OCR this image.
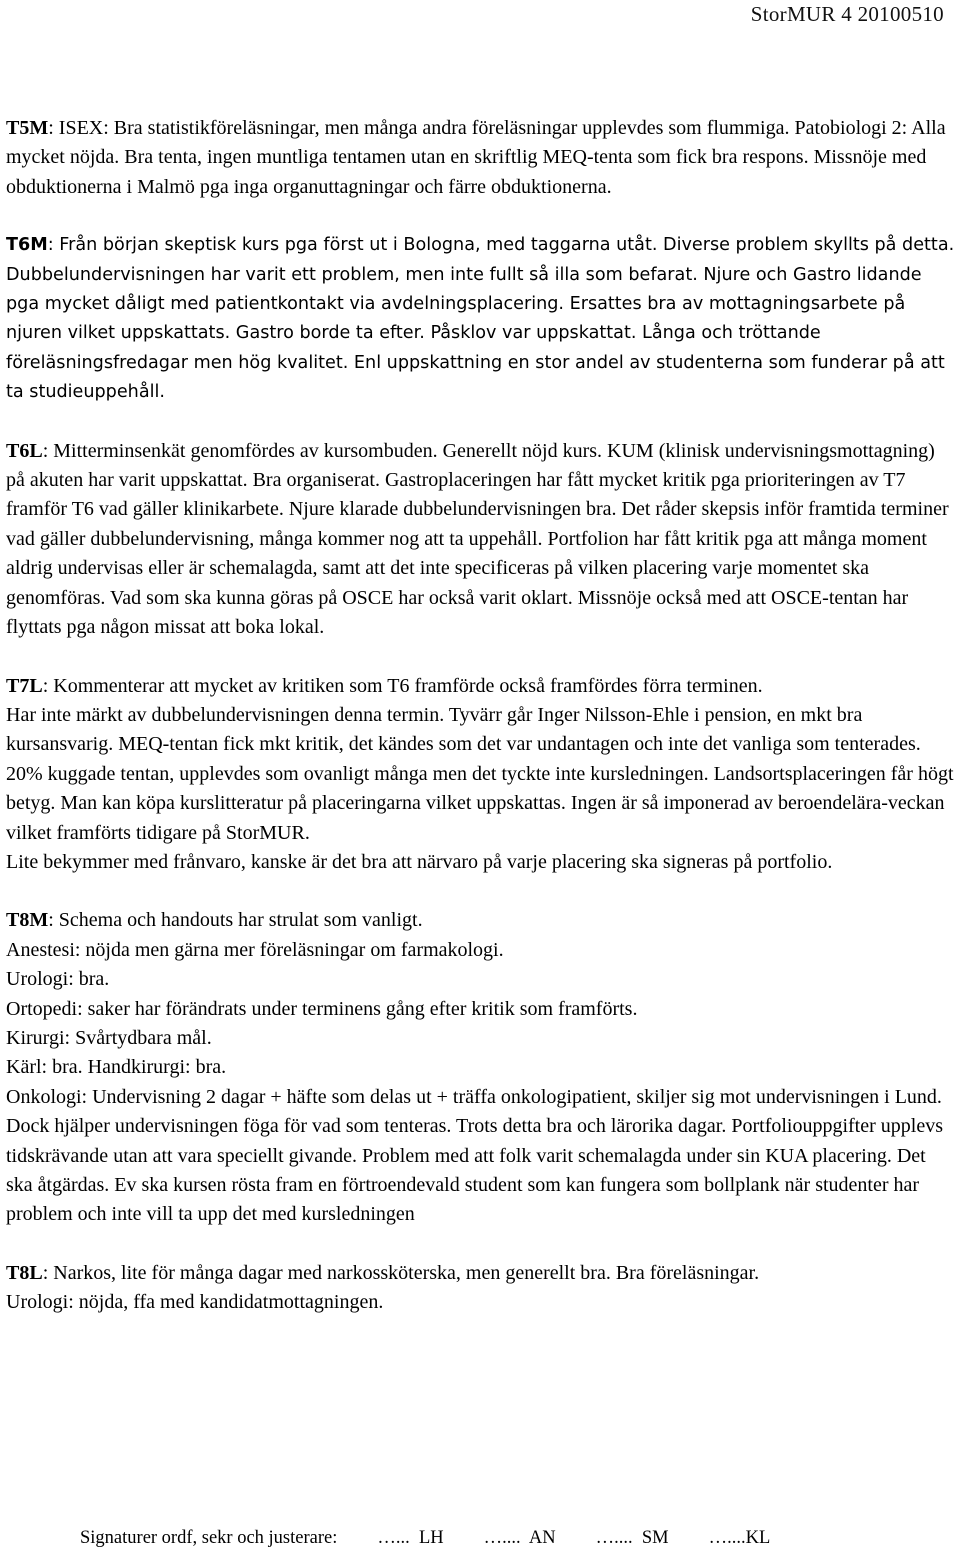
StorMUR 4 20100510

T5M: ISEX: Bra statistikföreläsningar, men många andra föreläsningar upplevdes som flummiga. Patobiologi 2: Alla mycket nöjda. Bra tenta, ingen muntliga tentamen utan en skriftlig MEQ-tenta som fick bra respons. Missnöje med obduktionerna i Malmö pga inga organuttagningar och färre obduktionerna.

T6M: Från början skeptisk kurs pga först ut i Bologna, med taggarna utåt. Diverse problem skyllts på detta. Dubbelundervisningen har varit ett problem, men inte fullt så illa som befarat. Njure och Gastro lidande pga mycket dåligt med patientkontakt via avdelningsplacering. Ersattes bra av mottagningsarbete på njuren vilket uppskattats. Gastro borde ta efter. Påsklov var uppskattat. Långa och tröttande föreläsningsfredagar men hög kvalitet. Enl uppskattning en stor andel av studenterna som funderar på att ta studieuppehåll.

T6L: Mitterminsenkät genomfördes av kursombuden. Generellt nöjd kurs. KUM (klinisk undervisningsmottagning) på akuten har varit uppskattat. Bra organiserat. Gastroplaceringen har fått mycket kritik pga prioriteringen av T7 framför T6 vad gäller klinikarbete. Njure klarade dubbelundervisningen bra. Det råder skepsis inför framtida terminer vad gäller dubbelundervisning, många kommer nog att ta uppehåll. Portfolion har fått kritik pga att många moment aldrig undervisas eller är schemalagda, samt att det inte specificeras på vilken placering varje momentet ska genomföras. Vad som ska kunna göras på OSCE har också varit oklart. Missnöje också med att OSCE-tentan har flyttats pga någon missat att boka lokal.

T7L: Kommenterar att mycket av kritiken som T6 framförde också framfördes förra terminen.

Har inte märkt av dubbelundervisningen denna termin. Tyvärr går Inger Nilsson-Ehle i pension, en mkt bra kursansvarig. MEQ-tentan fick mkt kritik, det kändes som det var undantagen och inte det vanliga som tenterades. 20% kuggade tentan, upplevdes som ovanligt många men det tyckte inte kursledningen. Landsortsplaceringen får högt betyg. Man kan köpa kurslitteratur på placeringarna vilket uppskattas. Ingen är så imponerad av beroendelära-veckan vilket framförts tidigare på StorMUR.

Lite bekymmer med frånvaro, kanske är det bra att närvaro på varje placering ska signeras på portfolio.

T8M: Schema och handouts har strulat som vanligt.

Anestesi: nöjda men gärna mer föreläsningar om farmakologi.

Urologi: bra.

Ortopedi: saker har förändrats under terminens gång efter kritik som framförts.

Kirurgi: Svårtydbara mål.

Kärl: bra. Handkirurgi: bra.

Onkologi: Undervisning 2 dagar + häfte som delas ut + träffa onkologipatient, skiljer sig mot undervisningen i Lund. Dock hjälper undervisningen föga för vad som tenteras. Trots detta bra och lärorika dagar. Portfoliouppgifter upplevs tidskrävande utan att vara speciellt givande. Problem med att folk varit schemalagda under sin KUA placering. Det ska åtgärdas. Ev ska kursen rösta fram en förtroendevald student som kan fungera som bollplank när studenter har problem och inte vill ta upp det med kursledningen

T8L: Narkos, lite för många dagar med narkossköterska, men generellt bra. Bra föreläsningar.

Urologi: nöjda, ffa med kandidatmottagningen.

Signaturer ordf, sekr och justerare: …...  LH …....  AN …....  SM …....KL
